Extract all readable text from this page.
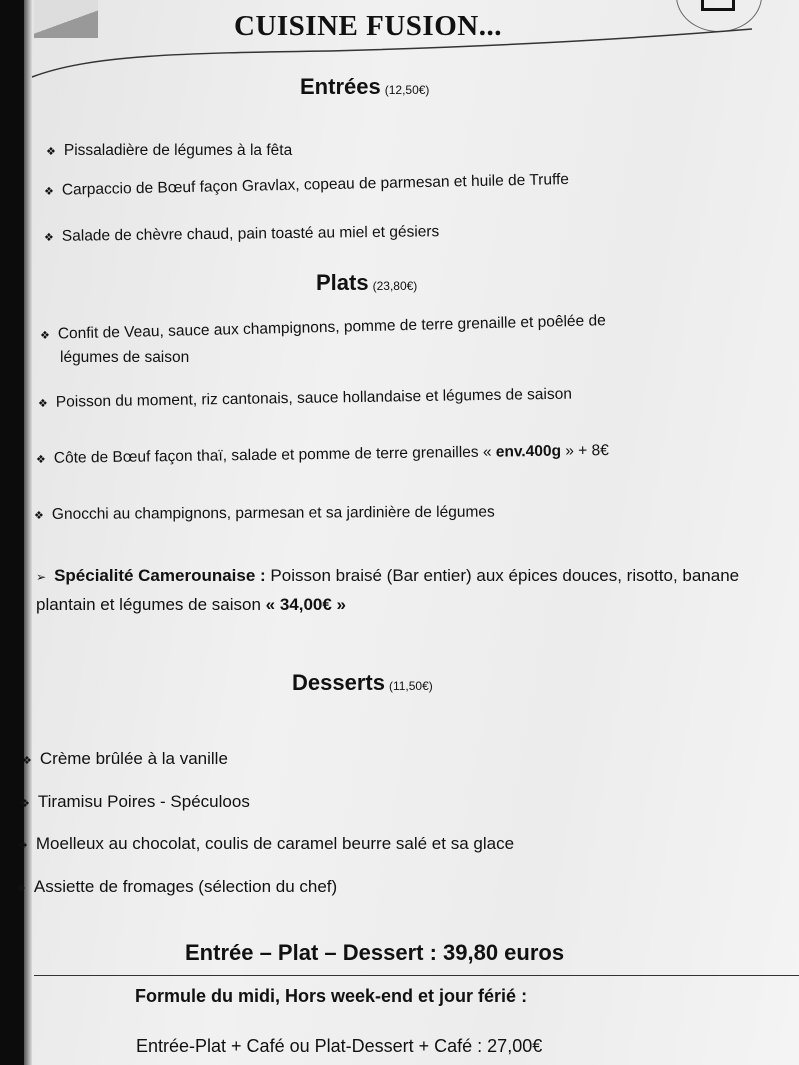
CUISINE FUSION...
Entrées (12,50€)
❖ Pissaladière de légumes à la fêta
❖ Carpaccio de Bœuf façon Gravlax, copeau de parmesan et huile de Truffe
❖ Salade de chèvre chaud, pain toasté au miel et gésiers
Plats (23,80€)
❖ Confit de Veau, sauce aux champignons, pomme de terre grenaille et poêlée de
légumes de saison
❖ Poisson du moment, riz cantonais, sauce hollandaise et légumes de saison
❖ Côte de Bœuf façon thaï, salade et pomme de terre grenailles « env.400g » + 8€
❖ Gnocchi au champignons, parmesan et sa jardinière de légumes
➢ Spécialité Camerounaise : Poisson braisé (Bar entier) aux épices douces, risotto, banane plantain et légumes de saison « 34,00€ »
Desserts (11,50€)
❖ Crème brûlée à la vanille
❖ Tiramisu Poires - Spéculoos
❖ Moelleux au chocolat, coulis de caramel beurre salé et sa glace
❖ Assiette de fromages (sélection du chef)
Entrée – Plat – Dessert : 39,80 euros
Formule du midi, Hors week-end et jour férié :
Entrée-Plat + Café ou Plat-Dessert + Café : 27,00€
